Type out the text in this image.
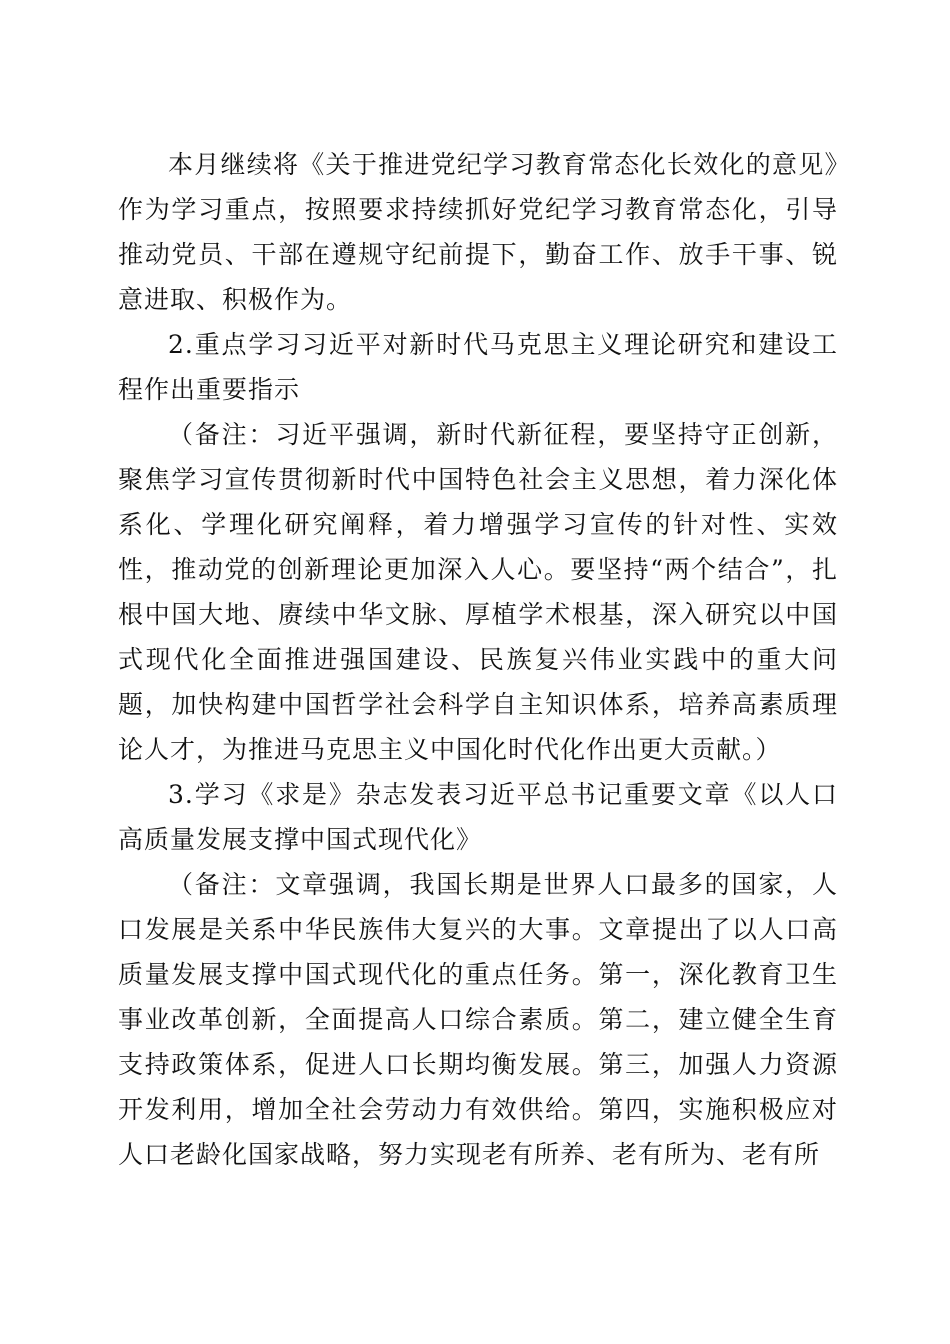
本月继续将《关于推进党纪学习教育常态化长效化的意见》作为学习重点，按照要求持续抓好党纪学习教育常态化，引导推动党员、干部在遵规守纪前提下，勤奋工作、放手干事、锐意进取、积极作为。

2.重点学习习近平对新时代马克思主义理论研究和建设工程作出重要指示

（备注：习近平强调，新时代新征程，要坚持守正创新，聚焦学习宣传贯彻新时代中国特色社会主义思想，着力深化体系化、学理化研究阐释，着力增强学习宣传的针对性、实效性，推动党的创新理论更加深入人心。要坚持“两个结合”，扎根中国大地、赓续中华文脉、厚植学术根基，深入研究以中国式现代化全面推进强国建设、民族复兴伟业实践中的重大问题，加快构建中国哲学社会科学自主知识体系，培养高素质理论人才，为推进马克思主义中国化时代化作出更大贡献。）

3.学习《求是》杂志发表习近平总书记重要文章《以人口高质量发展支撑中国式现代化》

（备注：文章强调，我国长期是世界人口最多的国家，人口发展是关系中华民族伟大复兴的大事。文章提出了以人口高质量发展支撑中国式现代化的重点任务。第一，深化教育卫生事业改革创新，全面提高人口综合素质。第二，建立健全生育支持政策体系，促进人口长期均衡发展。第三，加强人力资源开发利用，增加全社会劳动力有效供给。第四，实施积极应对人口老龄化国家战略，努力实现老有所养、老有所为、老有所
